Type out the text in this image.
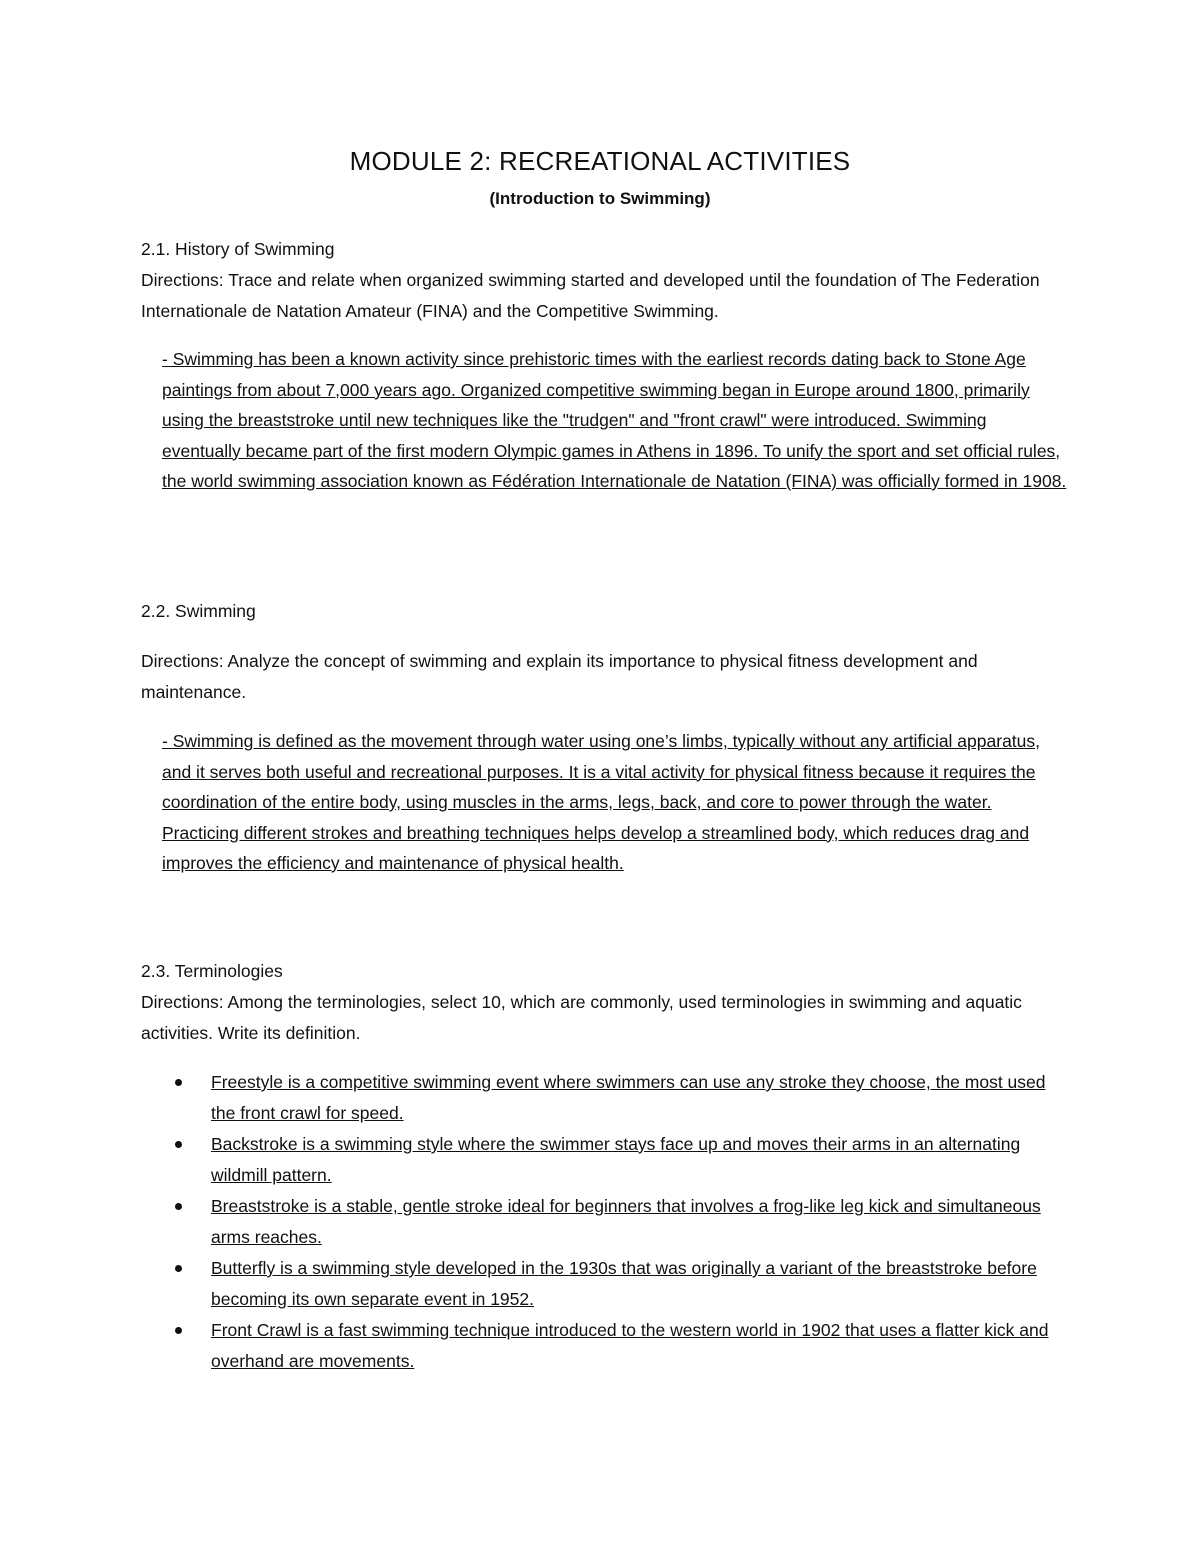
MODULE 2: RECREATIONAL ACTIVITIES
(Introduction to Swimming)
2.1. History of Swimming

Directions: Trace and relate when organized swimming started and developed until the foundation of The Federation Internationale de Natation Amateur (FINA) and the Competitive Swimming.

- Swimming has been a known activity since prehistoric times with the earliest records dating back to Stone Age paintings from about 7,000 years ago. Organized competitive swimming began in Europe around 1800, primarily using the breaststroke until new techniques like the "trudgen" and "front crawl" were introduced. Swimming eventually became part of the first modern Olympic games in Athens in 1896. To unify the sport and set official rules, the world swimming association known as Fédération Internationale de Natation (FINA) was officially formed in 1908.

2.2. Swimming

Directions: Analyze the concept of swimming and explain its importance to physical fitness development and maintenance.

- Swimming is defined as the movement through water using one’s limbs, typically without any artificial apparatus, and it serves both useful and recreational purposes. It is a vital activity for physical fitness because it requires the coordination of the entire body, using muscles in the arms, legs, back, and core to power through the water. Practicing different strokes and breathing techniques helps develop a streamlined body, which reduces drag and improves the efficiency and maintenance of physical health.

2.3. Terminologies

Directions: Among the terminologies, select 10, which are commonly, used terminologies in swimming and aquatic activities. Write its definition.

Freestyle is a competitive swimming event where swimmers can use any stroke they choose, the most used the front crawl for speed.
Backstroke is a swimming style where the swimmer stays face up and moves their arms in an alternating wildmill pattern.
Breaststroke is a stable, gentle stroke ideal for beginners that involves a frog-like leg kick and simultaneous arms reaches.
Butterfly is a swimming style developed in the 1930s that was originally a variant of the breaststroke before becoming its own separate event in 1952.
Front Crawl is a fast swimming technique introduced to the western world in 1902 that uses a flatter kick and overhand are movements.
